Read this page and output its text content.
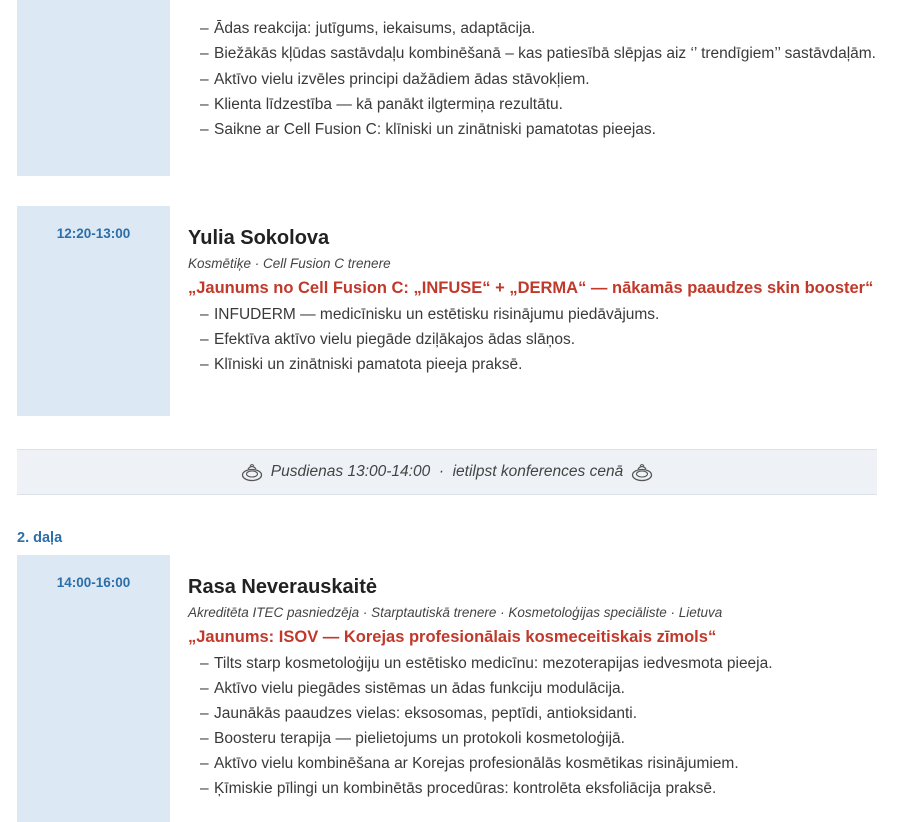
– Ādas reakcija: jutīgums, iekaisums, adaptācija.
– Biežākās kļūdas sastāvdaļu kombinēšanā – kas patiesībā slēpjas aiz ‘’ trendīgiem’’ sastāvdaļām.
– Aktīvo vielu izvēles principi dažādiem ādas stāvokļiem.
– Klienta līdzestība — kā panākt ilgtermiņa rezultātu.
– Saikne ar Cell Fusion C: klīniski un zinātniski pamatotas pieejas.
12:20-13:00	Yulia Sokolova
Kosmētiķe · Cell Fusion C trenere
„Jaunums no Cell Fusion C: „INFUSE“ + „DERMA“ — nākamās paaudzes skin booster“
– INFUDERM — medicīnisku un estētisku risinājumu piedāvājums.
– Efektīva aktīvo vielu piegāde dziļākajos ādas slāņos.
– Klīniski un zinātniski pamatota pieeja praksē.
Pusdienas 13:00-14:00  ·  ietilpst konferences cenā
2. daļa
14:00-16:00	Rasa Neverauskaitė
Akreditēta ITEC pasniedzēja · Starptautiskā trenere · Kosmetoloģijas speciāliste · Lietuva
„Jaunums: ISOV — Korejas profesionālais kosmeceitiskais zīmols“
– Tilts starp kosmetoloģiju un estētisko medicīnu: mezoterapijas iedvesmota pieeja.
– Aktīvo vielu piegādes sistēmas un ādas funkciju modulācija.
– Jaunākās paaudzes vielas: eksosomas, peptīdi, antioksidanti.
– Boosteru terapija — pielietojums un protokoli kosmetoloģijā.
– Aktīvo vielu kombinēšana ar Korejas profesionālās kosmētikas risinājumiem.
– Ķīmiskie pīlingi un kombinētās procedūras: kontrolēta eksfoliācija praksē.
